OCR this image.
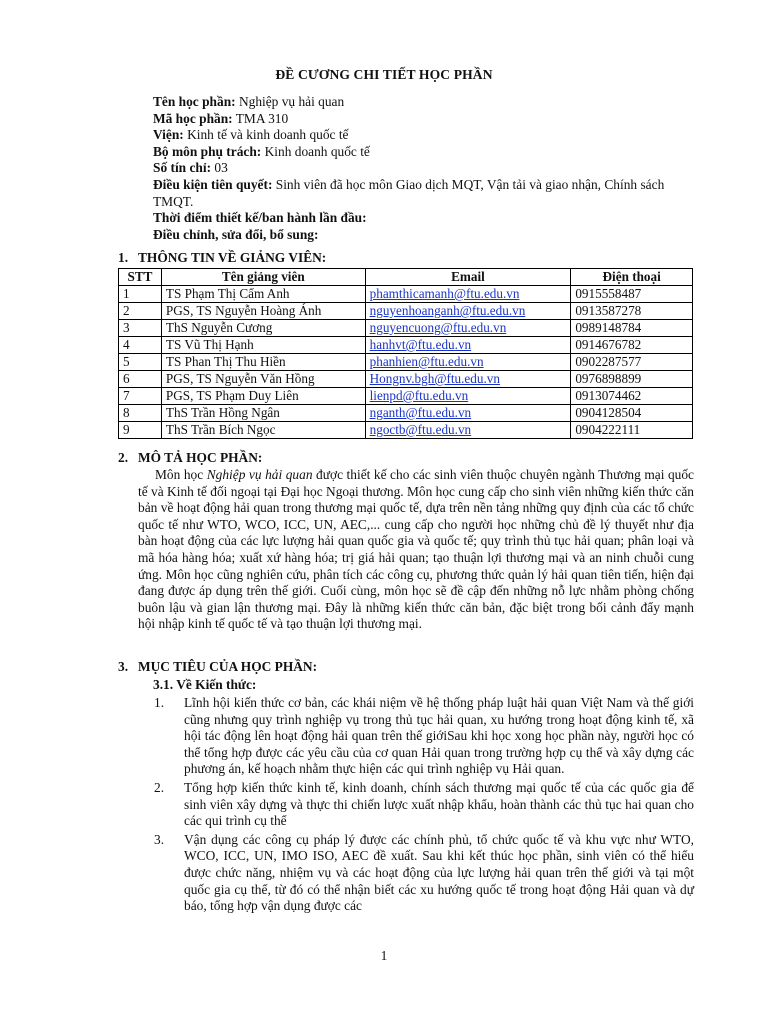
ĐỀ CƯƠNG CHI TIẾT HỌC PHẦN
Tên học phần: Nghiệp vụ hải quan
Mã học phần: TMA 310
Viện: Kinh tế và kinh doanh quốc tế
Bộ môn phụ trách: Kinh doanh quốc tế
Số tín chỉ: 03
Điều kiện tiên quyết: Sinh viên đã học môn Giao dịch MQT, Vận tải và giao nhận, Chính sách TMQT.
Thời điểm thiết kế/ban hành lần đầu:
Điều chỉnh, sửa đổi, bổ sung:
1. THÔNG TIN VỀ GIẢNG VIÊN:
STT	Tên giảng viên	Email	Điện thoại
1	TS Phạm Thị Cẩm Anh	phamthicamanh@ftu.edu.vn	0915558487
2	PGS, TS Nguyễn Hoàng Ánh	nguyenhoanganh@ftu.edu.vn	0913587278
3	ThS Nguyễn Cương	nguyencuong@ftu.edu.vn	0989148784
4	TS Vũ Thị Hạnh	hanhvt@ftu.edu.vn	0914676782
5	TS Phan Thị Thu Hiền	phanhien@ftu.edu.vn	0902287577
6	PGS, TS Nguyễn Văn Hồng	Hongnv.bgh@ftu.edu.vn	0976898899
7	PGS, TS Phạm Duy Liên	lienpd@ftu.edu.vn	0913074462
8	ThS Trần Hồng Ngân	nganth@ftu.edu.vn	0904128504
9	ThS Trần Bích Ngọc	ngoctb@ftu.edu.vn	0904222111
2. MÔ TẢ HỌC PHẦN:

Môn học Nghiệp vụ hải quan được thiết kế cho các sinh viên thuộc chuyên ngành Thương mại quốc tế và Kinh tế đối ngoại tại Đại học Ngoại thương. Môn học cung cấp cho sinh viên những kiến thức căn bản về hoạt động hải quan trong thương mại quốc tế, dựa trên nền tảng những quy định của các tổ chức quốc tế như WTO, WCO, ICC, UN, AEC,... cung cấp cho người học những chủ đề lý thuyết như địa bàn hoạt động của các lực lượng hải quan quốc gia và quốc tế; quy trình thủ tục hải quan; phân loại và mã hóa hàng hóa; xuất xứ hàng hóa; trị giá hải quan; tạo thuận lợi thương mại và an ninh chuỗi cung ứng. Môn học cũng nghiên cứu, phân tích các công cụ, phương thức quản lý hải quan tiên tiến, hiện đại đang được áp dụng trên thế giới. Cuối cùng, môn học sẽ đề cập đến những nỗ lực nhằm phòng chống buôn lậu và gian lận thương mại. Đây là những kiến thức căn bản, đặc biệt trong bối cảnh đẩy mạnh hội nhập kinh tế quốc tế và tạo thuận lợi thương mại.

3. MỤC TIÊU CỦA HỌC PHẦN:
3.1. Về Kiến thức:
1. Lĩnh hội kiến thức cơ bản, các khái niệm về hệ thống pháp luật hải quan Việt Nam và thế giới cũng nhưng quy trình nghiệp vụ trong thủ tục hải quan, xu hướng trong hoạt động kinh tế, xã hội tác động lên hoạt động hải quan trên thế giớiSau khi học xong học phần này, người học có thể tổng hợp được các yêu cầu của cơ quan Hải quan trong trường hợp cụ thể và xây dựng các phương án, kế hoạch nhằm thực hiện các qui trình nghiệp vụ Hải quan.
2. Tổng hợp kiến thức kinh tế, kinh doanh, chính sách thương mại quốc tế của các quốc gia để sinh viên xây dựng và thực thi chiến lược xuất nhập khẩu, hoàn thành các thủ tục hai quan cho các qui trình cụ thể
3. Vận dụng các công cụ pháp lý được các chính phủ, tổ chức quốc tế và khu vực như WTO, WCO, ICC, UN, IMO ISO, AEC đề xuất. Sau khi kết thúc học phần, sinh viên có thể hiểu được chức năng, nhiệm vụ và các hoạt động của lực lượng hải quan trên thế giới và tại một quốc gia cụ thể, từ đó có thể nhận biết các xu hướng quốc tế trong hoạt động Hải quan và dự báo, tổng hợp vận dụng được các
1
